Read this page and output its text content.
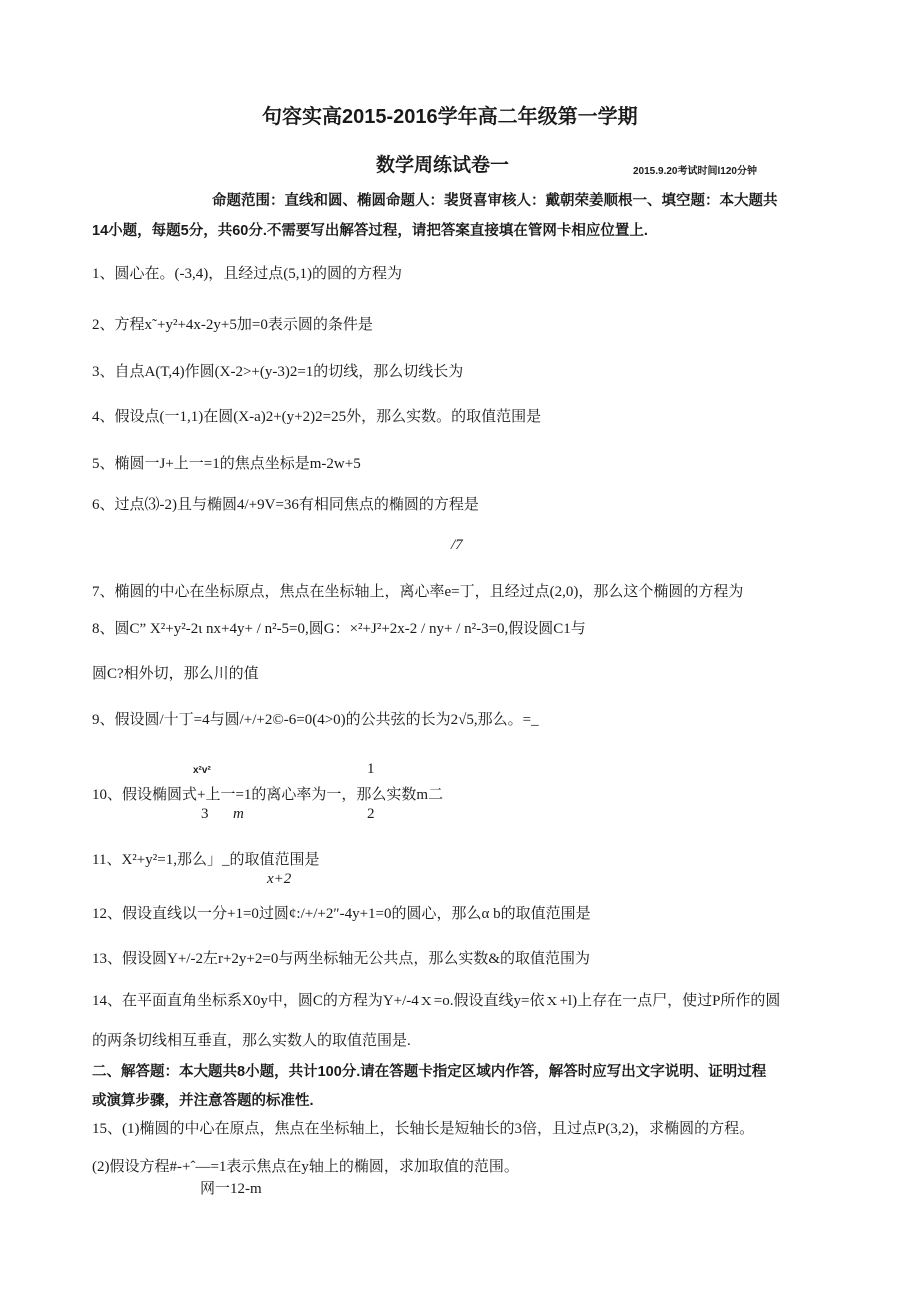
句容实高2015-2016学年高二年级第一学期
数学周练试卷一	2015.9.20考试时间l120分钟
命题范围：直线和圆、椭圆命题人：裴贤喜审核人：戴朝荣姜顺根一、填空题：本大题共
14小题，每题5分，共60分.不需要写出解答过程，请把答案直接填在管网卡相应位置上.
1、圆心在。(-3,4)，且经过点(5,1)的圆的方程为
2、方程x˜+y²+4x-2y+5加=0表示圆的条件是
3、自点A(T,4)作圆(X-2>+(y-3)2=1的切线，那么切线长为
4、假设点(一1,1)在圆(X-a)2+(y+2)2=25外，那么实数。的取值范围是
5、椭圆一J+上一=1的焦点坐标是m-2w+5
6、过点⑶-2)且与椭圆4/+9V=36有相同焦点的椭圆的方程是
/7
7、椭圆的中心在坐标原点，焦点在坐标轴上，离心率e=丁，且经过点(2,0)，那么这个椭圆的方程为
8、圆C” X²+y²-2ι nx+4y+ / n²-5=0,圆G：×²+J²+2x-2 / ny+ / n²-3=0,假设圆C1与
圆C?相外切，那么川的值
9、假设圆/十丁=4与圆/+/+2©-6=0(4>0)的公共弦的长为2√5,那么。=_
x²v²	1
10、假设椭圆式+上一=1的离心率为一，那么实数m二
3 m	2
11、X²+y²=1,那么」_的取值范围是
x+2
12、假设直线以一分+1=0过圆¢:/+/+2″-4y+1=0的圆心，那么α b的取值范围是
13、假设圆Y+/-2左r+2y+2=0与两坐标轴无公共点，那么实数&的取值范围为
14、在平面直角坐标系X0y中，圆C的方程为Y+/-4ｘ=o.假设直线y=依ｘ+l)上存在一点尸，使过P所作的圆
的两条切线相互垂直，那么实数人的取值范围是.
二、解答题：本大题共8小题，共计100分.请在答题卡指定区域内作答，解答时应写出文字说明、证明过程
或演算步骤，并注意答题的标准性.
15、(1)椭圆的中心在原点，焦点在坐标轴上，长轴长是短轴长的3倍，且过点P(3,2)，求椭圆的方程。
(2)假设方程#-+ˆ—=1表示焦点在y轴上的椭圆，求加取值的范围。
网一12-m
